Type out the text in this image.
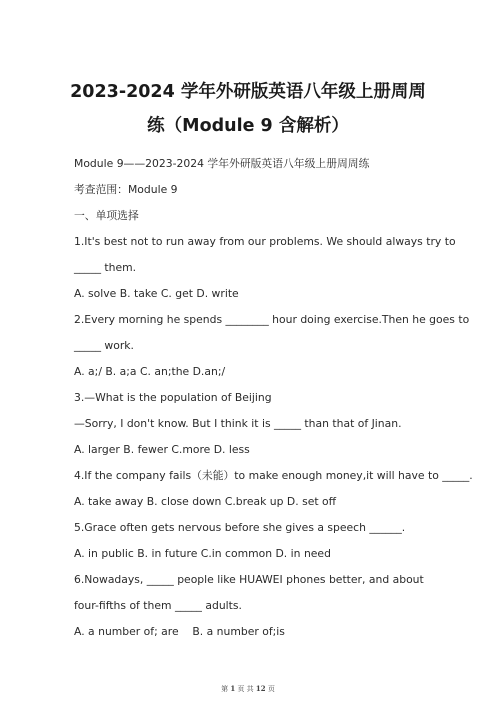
2023-2024 学年外研版英语八年级上册周周
练（Module 9 含解析）
Module 9——2023-2024 学年外研版英语八年级上册周周练
考查范围：Module 9
一、单项选择
1.It's best not to run away from our problems. We should always try to
_____ them.
A. solve B. take C. get D. write
2.Every morning he spends ________ hour doing exercise.Then he goes to
_____ work.
A. a;/ B. a;a C. an;the D.an;/
3.—What is the population of Beijing
—Sorry, I don't know. But I think it is _____ than that of Jinan.
A. larger B. fewer C.more D. less
4.If the company fails（未能）to make enough money,it will have to _____.
A. take away B. close down C.break up D. set off
5.Grace often gets nervous before she gives a speech ______.
A. in public B. in future C.in common D. in need
6.Nowadays, _____ people like HUAWEI phones better, and about
four-fifths of them _____ adults.
A. a number of; are    B. a number of;is
第 1 页 共 12 页
